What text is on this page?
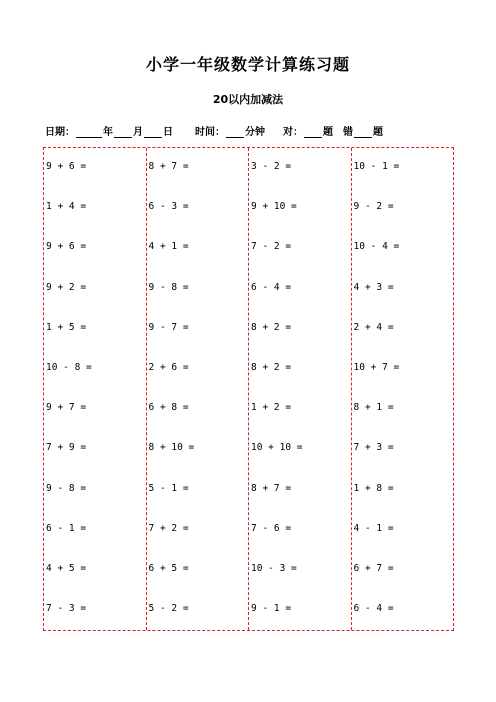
小学一年级数学计算练习题
20以内加减法
日期：	年 月 日 时间： 分钟 对： 题 错 题
9 + 6 =
1 + 4 =
9 + 6 =
9 + 2 =
1 + 5 =
10 - 8 =
9 + 7 =
7 + 9 =
9 - 8 =
6 - 1 =
4 + 5 =
7 - 3 =
8 + 7 =
6 - 3 =
4 + 1 =
9 - 8 =
9 - 7 =
2 + 6 =
6 + 8 =
8 + 10 =
5 - 1 =
7 + 2 =
6 + 5 =
5 - 2 =
3 - 2 =
9 + 10 =
7 - 2 =
6 - 4 =
8 + 2 =
8 + 2 =
1 + 2 =
10 + 10 =
8 + 7 =
7 - 6 =
10 - 3 =
9 - 1 =
10 - 1 =
9 - 2 =
10 - 4 =
4 + 3 =
2 + 4 =
10 + 7 =
8 + 1 =
7 + 3 =
1 + 8 =
4 - 1 =
6 + 7 =
6 - 4 =
